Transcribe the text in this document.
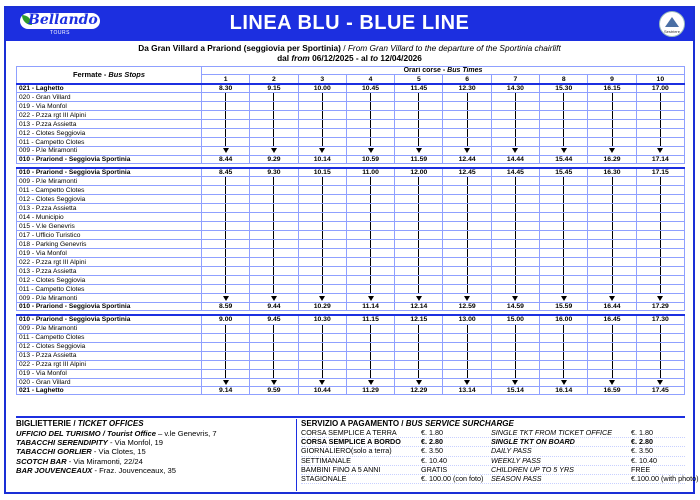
Bellando
TOURS	LINEA BLU - BLUE LINE	Sestriere
Da Gran Villard a Prariond (seggiovia per Sportinia) / From Gran Villard to the departure of the Sportinia chairlift
dal from 06/12/2025 - al to 12/04/2026
Fermate - Bus Stops	Orari corse - Bus Times									
	1	2	3	4	5	6	7	8	9	10
021 - Laghetto	8.30	9.15	10.00	10.45	11.45	12.30	14.30	15.30	16.15	17.00
020 - Gran Villard	

019 - Via Monfol	

022 - P.zza rgt III Alpini	

013 - P.zza Assietta	

012 - Clotes Seggiovia	

011 - Campetto Clotes	

009 - P.le Miramonti	

010 - Prariond - Seggiovia Sportinia	8.44	9.29	10.14	10.59	11.59	12.44	14.44	15.44	16.29	17.14

010 - Prariond - Seggiovia Sportinia	8.45	9.30	10.15	11.00	12.00	12.45	14.45	15.45	16.30	17.15
009 - P.le Miramonti	

011 - Campetto Clotes	

012 - Clotes Seggiovia	

013 - P.zza Assietta	

014 - Municipio	

015 - V.le Genevris	

017 - Ufficio Turistico	

018 - Parking Genevris	

019 - Via Monfol	

022 - P.zza rgt III Alpini	

013 - P.zza Assietta	

012 - Clotes Seggiovia	

011 - Campetto Clotes	

009 - P.le Miramonti	

010 - Prariond - Seggiovia Sportinia	8.59	9.44	10.29	11.14	12.14	12.59	14.59	15.59	16.44	17.29

010 - Prariond - Seggiovia Sportinia	9.00	9.45	10.30	11.15	12.15	13.00	15.00	16.00	16.45	17.30
009 - P.le Miramonti	

011 - Campetto Clotes	

012 - Clotes Seggiovia	

013 - P.zza Assietta	

022 - P.zza rgt III Alpini	

019 - Via Monfol	

020 - Gran Villard	

021 - Laghetto	9.14	9.59	10.44	11.29	12.29	13.14	15.14	16.14	16.59	17.45
BIGLIETTERIE / TICKET OFFICES
UFFICIO DEL TURISMO / Tourist Office – v.le Genevris, 7
TABACCHI SERENDIPITY - Via Monfol, 19
TABACCHI GORLIER - Via Clotes, 15
SCOTCH BAR - Via Miramonti, 22/24
BAR JOUVENCEAUX - Fraz. Jouvenceaux, 35
SERVIZIO A PAGAMENTO / BUS SERVICE SURCHARGE
CORSA SEMPLICE A TERRA	€. 1.80	SINGLE TKT FROM TICKET OFFICE	€. 1.80
CORSA SEMPLICE A BORDO	€. 2.80	SINGLE TKT ON BOARD	€. 2.80
GIORNALIERO(solo a terra)	€. 3.50	DAILY PASS	€. 3.50
SETTIMANALE	€. 10.40	WEEKLY PASS	€. 10.40
BAMBINI FINO A 5 ANNI	GRATIS	CHILDREN UP TO 5 YRS	FREE
STAGIONALE	€. 100.00 (con foto) SEASON PASS	€.100.00 (with photo)
